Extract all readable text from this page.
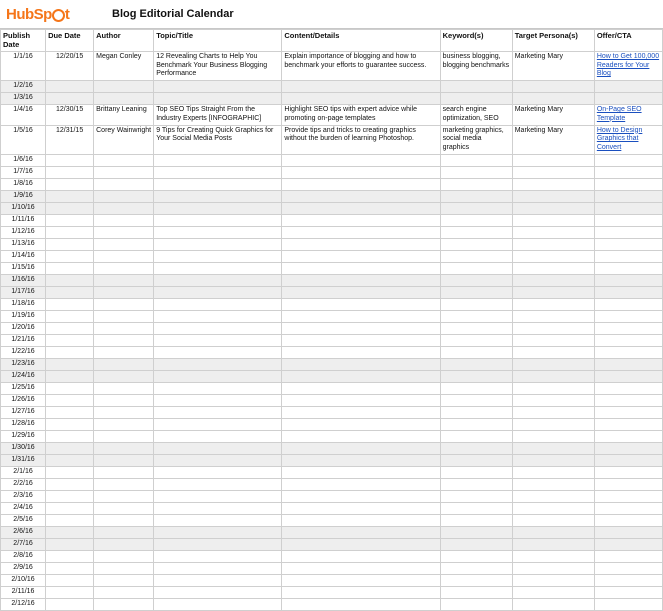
HubSp t	Blog Editorial Calendar
Publish Date	Due Date	Author	Topic/Title	Content/Details	Keyword(s)	Target Persona(s)	Offer/CTA
1/1/16	12/20/15	Megan Conley	12 Revealing Charts to Help You Benchmark Your Business Blogging Performance	Explain importance of blogging and how to benchmark your efforts to guarantee success.	business blogging, blogging benchmarks	Marketing Mary	How to Get 100,000 Readers for Your Blog

1/2/16							
1/3/16							
1/4/16	12/30/15	Brittany Leaning	Top SEO Tips Straight From the Industry Experts [INFOGRAPHIC]	Highlight SEO tips with expert advice while promoting on-page templates	search engine optimization, SEO	Marketing Mary	On-Page SEO Template

1/5/16	12/31/15	Corey Wainwright	9 Tips for Creating Quick Graphics for Your Social Media Posts	Provide tips and tricks to creating graphics without the burden of learning Photoshop.	marketing graphics, social media graphics	Marketing Mary	How to Design Graphics that Convert

1/6/16							
1/7/16							
1/8/16							
1/9/16							
1/10/16							
1/11/16							
1/12/16							
1/13/16							
1/14/16							
1/15/16							
1/16/16							
1/17/16							
1/18/16							
1/19/16							
1/20/16							
1/21/16							
1/22/16							
1/23/16							
1/24/16							
1/25/16							
1/26/16							
1/27/16							
1/28/16							
1/29/16							
1/30/16							
1/31/16							
2/1/16							
2/2/16							
2/3/16							
2/4/16							
2/5/16							
2/6/16							
2/7/16							
2/8/16							
2/9/16							
2/10/16							
2/11/16							
2/12/16							
